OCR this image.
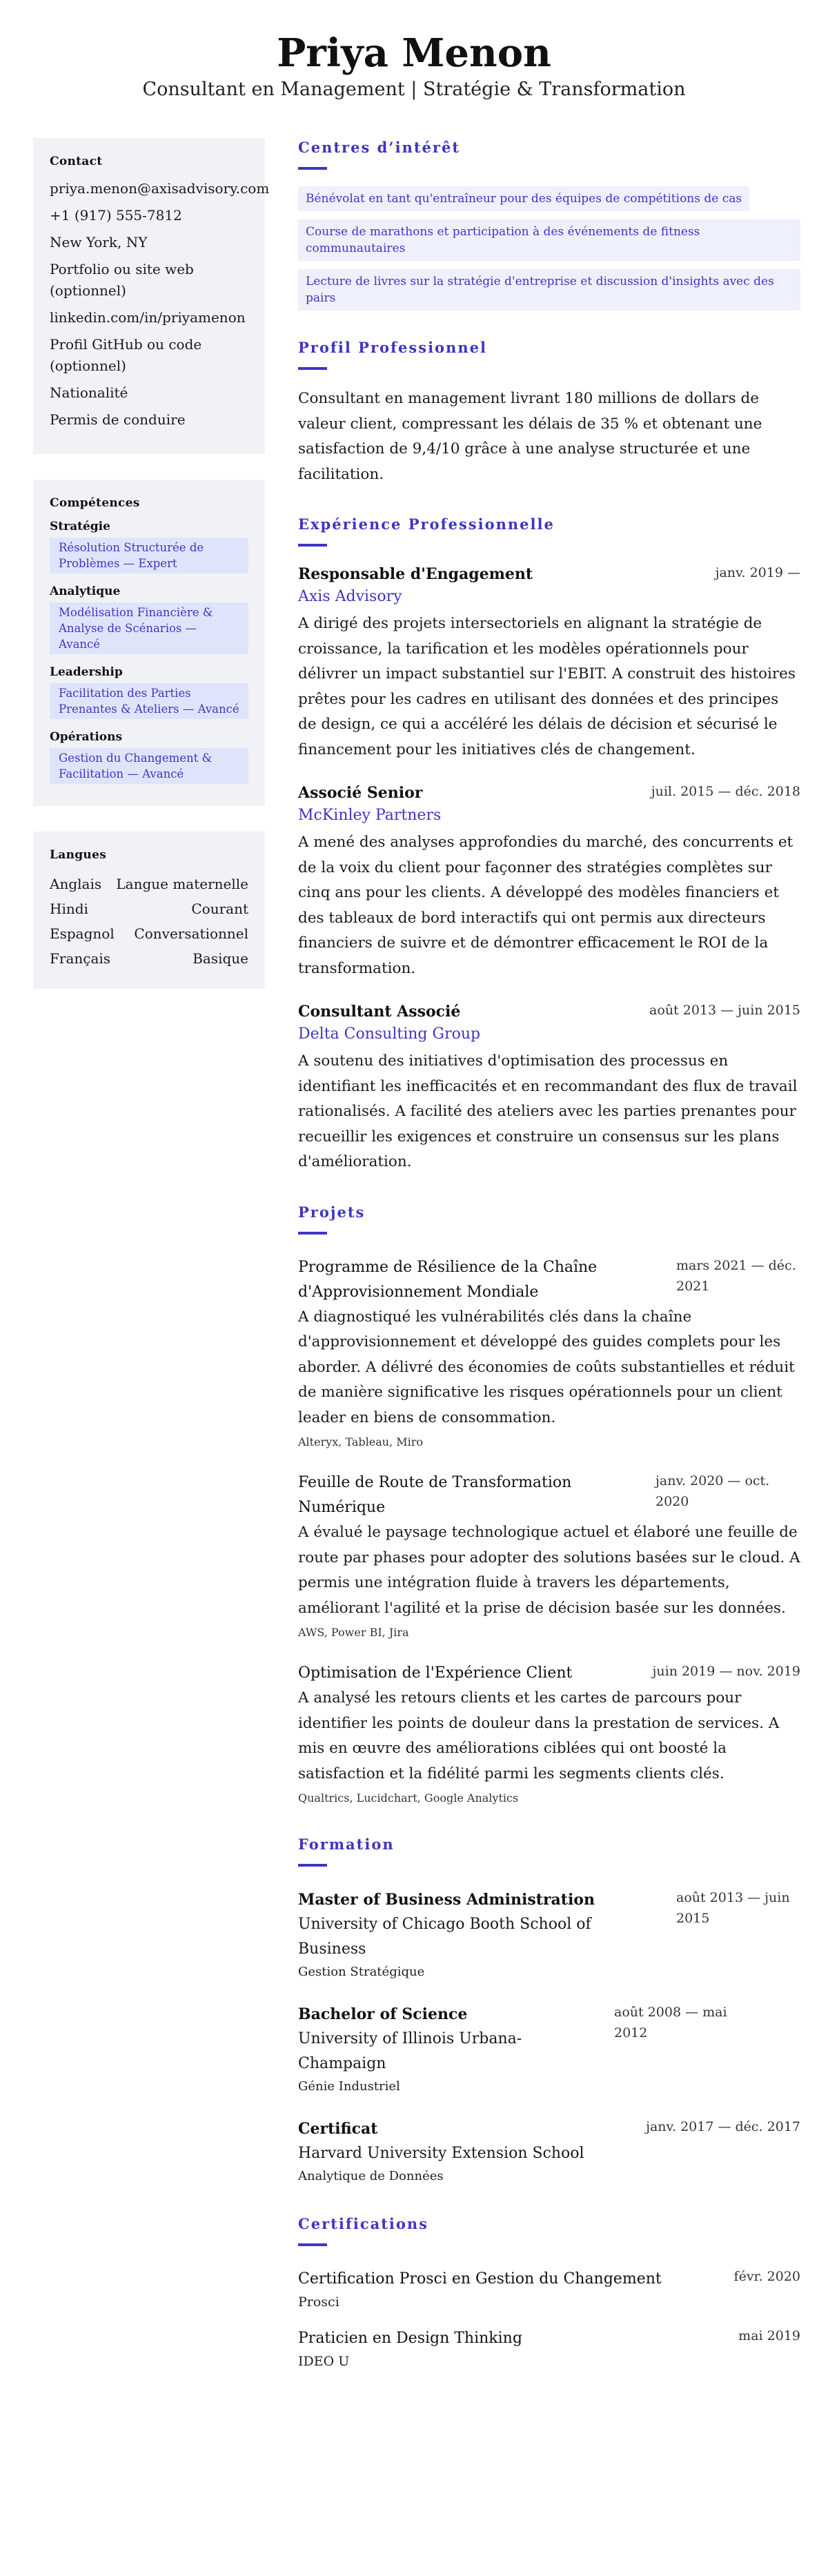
Priya Menon
Consultant en Management | Stratégie & Transformation
Contact
priya.menon@axisadvisory.com
+1 (917) 555-7812
New York, NY
Portfolio ou site web (optionnel)
linkedin.com/in/priyamenon
Profil GitHub ou code (optionnel)
Nationalité
Permis de conduire
Compétences
Stratégie
Résolution Structurée de Problèmes — Expert
Analytique
Modélisation Financière & Analyse de Scénarios — Avancé
Leadership
Facilitation des Parties Prenantes & Ateliers — Avancé
Opérations
Gestion du Changement & Facilitation — Avancé
Langues
Anglais Langue maternelle
Hindi	Courant
Espagnol Conversationnel
Français	Basique
Centres d’intérêt
Bénévolat en tant qu'entraîneur pour des équipes de compétitions de cas
Course de marathons et participation à des événements de fitness communautaires
Lecture de livres sur la stratégie d'entreprise et discussion d'insights avec des pairs
Profil Professionnel

Consultant en management livrant 180 millions de dollars de valeur client, compressant les délais de 35 % et obtenant une satisfaction de 9,4/10 grâce à une analyse structurée et une facilitation.

Expérience Professionnelle
Responsable d'Engagement	janv. 2019 —
Axis Advisory

A dirigé des projets intersectoriels en alignant la stratégie de croissance, la tarification et les modèles opérationnels pour délivrer un impact substantiel sur l'EBIT. A construit des histoires prêtes pour les cadres en utilisant des données et des principes de design, ce qui a accéléré les délais de décision et sécurisé le financement pour les initiatives clés de changement.

Associé Senior	juil. 2015 — déc. 2018
McKinley Partners

A mené des analyses approfondies du marché, des concurrents et de la voix du client pour façonner des stratégies complètes sur cinq ans pour les clients. A développé des modèles financiers et des tableaux de bord interactifs qui ont permis aux directeurs financiers de suivre et de démontrer efficacement le ROI de la transformation.

Consultant Associé	août 2013 — juin 2015
Delta Consulting Group

A soutenu des initiatives d'optimisation des processus en identifiant les inefficacités et en recommandant des flux de travail rationalisés. A facilité des ateliers avec les parties prenantes pour recueillir les exigences et construire un consensus sur les plans d'amélioration.

Projets
Programme de Résilience de la Chaîne d'Approvisionnement Mondiale
mars 2021 — déc. 2021

A diagnostiqué les vulnérabilités clés dans la chaîne d'approvisionnement et développé des guides complets pour les aborder. A délivré des économies de coûts substantielles et réduit de manière significative les risques opérationnels pour un client leader en biens de consommation.

Alteryx, Tableau, Miro
Feuille de Route de Transformation Numérique
janv. 2020 — oct. 2020

A évalué le paysage technologique actuel et élaboré une feuille de route par phases pour adopter des solutions basées sur le cloud. A permis une intégration fluide à travers les départements, améliorant l'agilité et la prise de décision basée sur les données.

AWS, Power BI, Jira
Optimisation de l'Expérience Client	juin 2019 — nov. 2019

A analysé les retours clients et les cartes de parcours pour identifier les points de douleur dans la prestation de services. A mis en œuvre des améliorations ciblées qui ont boosté la satisfaction et la fidélité parmi les segments clients clés.

Qualtrics, Lucidchart, Google Analytics
Formation
Master of Business Administration
University of Chicago Booth School of Business
Gestion Stratégique
août 2013 — juin 2015
Bachelor of Science
University of Illinois Urbana-Champaign
Génie Industriel
août 2008 — mai 2012
Certificat
Harvard University Extension School
Analytique de Données
janv. 2017 — déc. 2017
Certifications
Certification Prosci en Gestion du Changement
Prosci
févr. 2020
Praticien en Design Thinking
IDEO U
mai 2019
